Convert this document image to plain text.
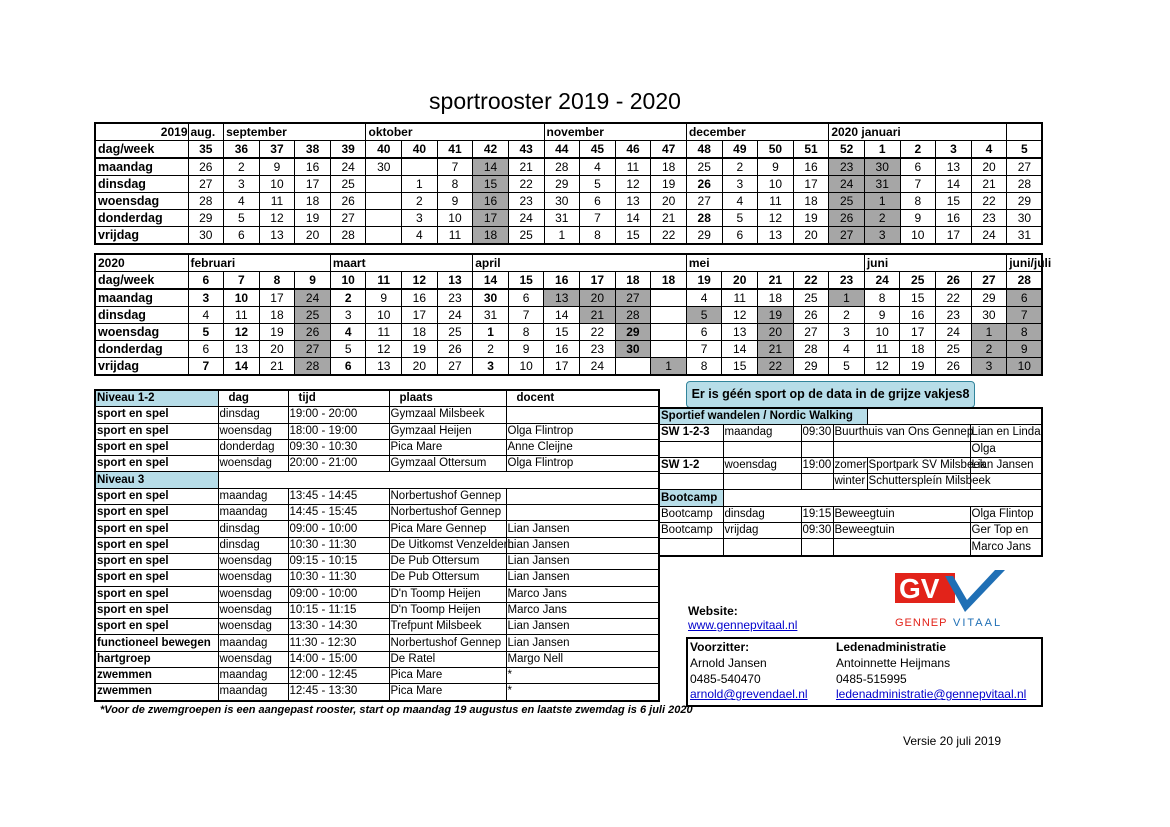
sportrooster 2019 - 2020
2019	aug.	september				oktober					november				december				2020 januari					
dag/week	35	36	37	38	39	40	40	41	42	43	44	45	46	47	48	49	50	51	52	1	2	3	4	5
maandag	26	2	9	16	24	30		7	14	21	28	4	11	18	25	2	9	16	23	30	6	13	20	27
dinsdag	27	3	10	17	25		1	8	15	22	29	5	12	19	26	3	10	17	24	31	7	14	21	28
woensdag	28	4	11	18	26		2	9	16	23	30	6	13	20	27	4	11	18	25	1	8	15	22	29
donderdag	29	5	12	19	27		3	10	17	24	31	7	14	21	28	5	12	19	26	2	9	16	23	30
vrijdag	30	6	13	20	28		4	11	18	25	1	8	15	22	29	6	13	20	27	3	10	17	24	31
2020	februari				maart				april						mei					juni				juni/juli
dag/week	6	7	8	9	10	11	12	13	14	15	16	17	18	18	19	20	21	22	23	24	25	26	27	28
maandag	3	10	17	24	2	9	16	23	30	6	13	20	27		4	11	18	25	1	8	15	22	29	6
dinsdag	4	11	18	25	3	10	17	24	31	7	14	21	28		5	12	19	26	2	9	16	23	30	7
woensdag	5	12	19	26	4	11	18	25	1	8	15	22	29		6	13	20	27	3	10	17	24	1	8
donderdag	6	13	20	27	5	12	19	26	2	9	16	23	30		7	14	21	28	4	11	18	25	2	9
vrijdag	7	14	21	28	6	13	20	27	3	10	17	24		1	8	15	22	29	5	12	19	26	3	10
Er is géén sport op de data in de grijze vakjes8
Niveau 1-2	dag	tijd	plaats	docent
sport en spel	dinsdag	19:00 - 20:00	Gymzaal Milsbeek	
sport en spel	woensdag	18:00 - 19:00	Gymzaal Heijen	Olga Flintrop
sport en spel	donderdag	09:30 - 10:30	Pica Mare	Anne Cleijne
sport en spel	woensdag	20:00 - 21:00	Gymzaal Ottersum	Olga Flintrop
Niveau 3				
sport en spel	maandag	13:45 - 14:45	Norbertushof Gennep	
sport en spel	maandag	14:45 - 15:45	Norbertushof Gennep	
sport en spel	dinsdag	09:00 - 10:00	Pica Mare Gennep	Lian Jansen
sport en spel	dinsdag	10:30 - 11:30	De Uitkomst Venzelderh	Lian Jansen
sport en spel	woensdag	09:15 - 10:15	De Pub Ottersum	Lian Jansen
sport en spel	woensdag	10:30 - 11:30	De Pub Ottersum	Lian Jansen
sport en spel	woensdag	09:00 - 10:00	D'n Toomp Heijen	Marco Jans
sport en spel	woensdag	10:15 - 11:15	D'n Toomp Heijen	Marco Jans
sport en spel	woensdag	13:30 - 14:30	Trefpunt Milsbeek	Lian Jansen
functioneel bewegen	maandag	11:30 - 12:30	Norbertushof Gennep	Lian Jansen
hartgroep	woensdag	14:00 - 15:00	De Ratel	Margo Nell
zwemmen	maandag	12:00 - 12:45	Pica Mare	*
zwemmen	maandag	12:45 - 13:30	Pica Mare	*
Sportief wandelen / Nordic Walking					
SW 1-2-3	maandag	09:30	Buurthuis van Ons Gennep		Lian en Linda
					Olga
SW 1-2	woensdag	19:00	zomer	Sportpark SV Milsbeek	Lian Jansen
			winter	Schutterspleín Milsbeek	
Bootcamp					
Bootcamp	dinsdag	19:15	Beweegtuin		Olga Flintop
Bootcamp	vrijdag	09:30	Beweegtuin		Ger Top en
					Marco Jans
Website:
www.gennepvitaal.nl
GV
GENNEP VITAAL
Voorzitter:
Arnold Jansen
0485-540470
arnold@grevendael.nl
Ledenadministratie
Antoinnette Heijmans
0485-515995
ledenadministratie@gennepvitaal.nl
*Voor de zwemgroepen is een aangepast rooster, start op maandag 19 augustus en laatste zwemdag is 6 juli 2020
Versie 20 juli 2019
